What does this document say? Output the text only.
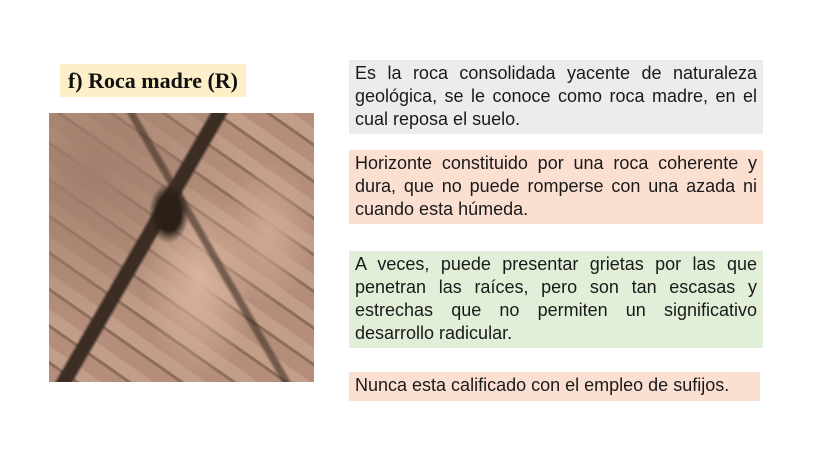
f) Roca madre (R)	Es la roca consolidada yacente de naturaleza geológica, se le conoce como roca madre, en el cual reposa el suelo.
Horizonte constituido por una roca coherente y dura, que no puede romperse con una azada ni cuando esta húmeda.
A veces, puede presentar grietas por las que penetran las raíces, pero son tan escasas y estrechas que no permiten un significativo desarrollo radicular.
Nunca esta calificado con el empleo de sufijos.
